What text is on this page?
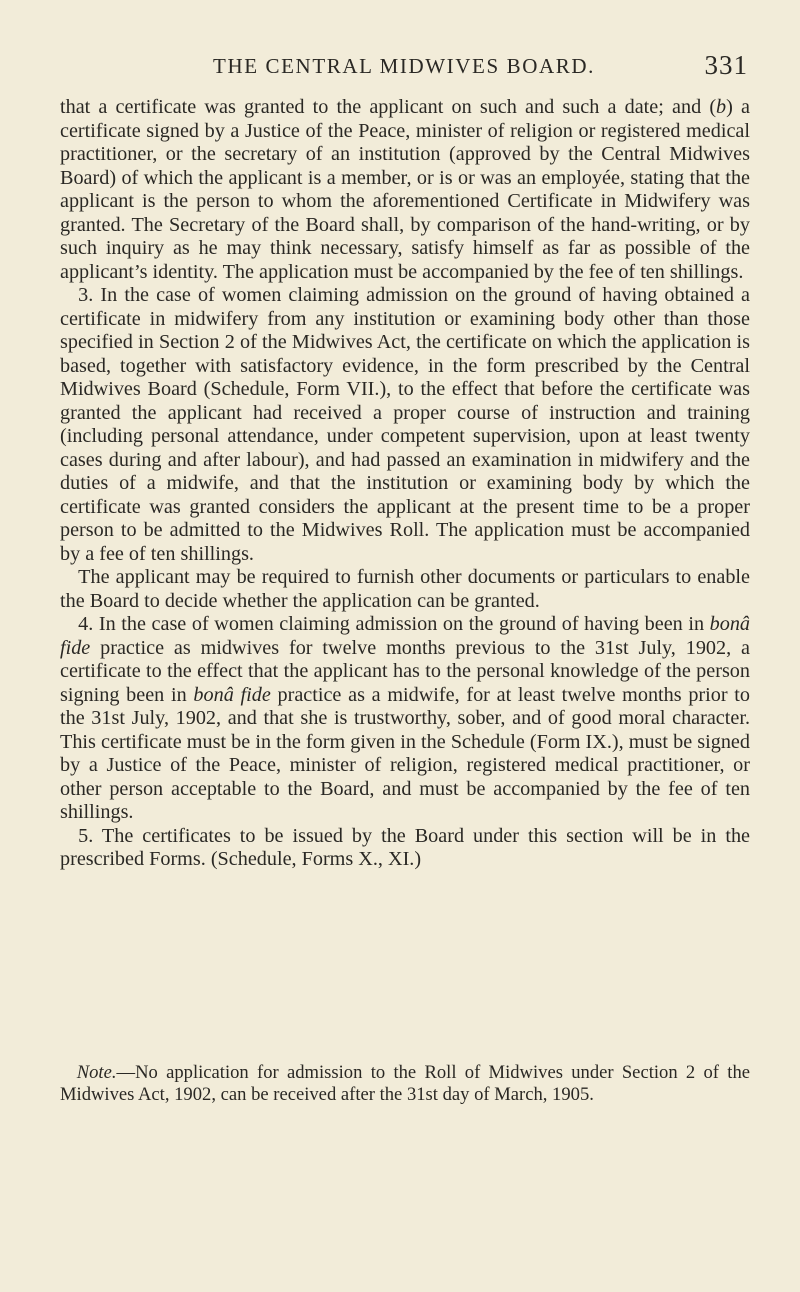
THE CENTRAL MIDWIVES BOARD.	331

that a certificate was granted to the applicant on such and such a date; and (b) a certificate signed by a Justice of the Peace, minister of religion or registered medical practitioner, or the secretary of an institution (approved by the Central Midwives Board) of which the applicant is a member, or is or was an employée, stating that the applicant is the person to whom the aforementioned Certificate in Midwifery was granted. The Secretary of the Board shall, by comparison of the hand-writing, or by such inquiry as he may think necessary, satisfy himself as far as possible of the applicant’s identity. The application must be accompanied by the fee of ten shillings.

3. In the case of women claiming admission on the ground of having obtained a certificate in midwifery from any institution or examining body other than those specified in Section 2 of the Midwives Act, the certificate on which the application is based, together with satisfactory evidence, in the form prescribed by the Central Midwives Board (Schedule, Form VII.), to the effect that before the certificate was granted the applicant had received a proper course of instruction and training (including personal attendance, under competent supervision, upon at least twenty cases during and after labour), and had passed an examination in midwifery and the duties of a midwife, and that the institution or examining body by which the certificate was granted considers the applicant at the present time to be a proper person to be admitted to the Midwives Roll. The application must be accompanied by a fee of ten shillings.

The applicant may be required to furnish other documents or particulars to enable the Board to decide whether the application can be granted.

4. In the case of women claiming admission on the ground of having been in bonâ fide practice as midwives for twelve months previous to the 31st July, 1902, a certificate to the effect that the applicant has to the personal knowledge of the person signing been in bonâ fide practice as a midwife, for at least twelve months prior to the 31st July, 1902, and that she is trustworthy, sober, and of good moral character. This certificate must be in the form given in the Schedule (Form IX.), must be signed by a Justice of the Peace, minister of religion, registered medical practitioner, or other person acceptable to the Board, and must be accompanied by the fee of ten shillings.

5. The certificates to be issued by the Board under this section will be in the prescribed Forms. (Schedule, Forms X., XI.)

Note.—No application for admission to the Roll of Midwives under Section 2 of the Midwives Act, 1902, can be received after the 31st day of March, 1905.
